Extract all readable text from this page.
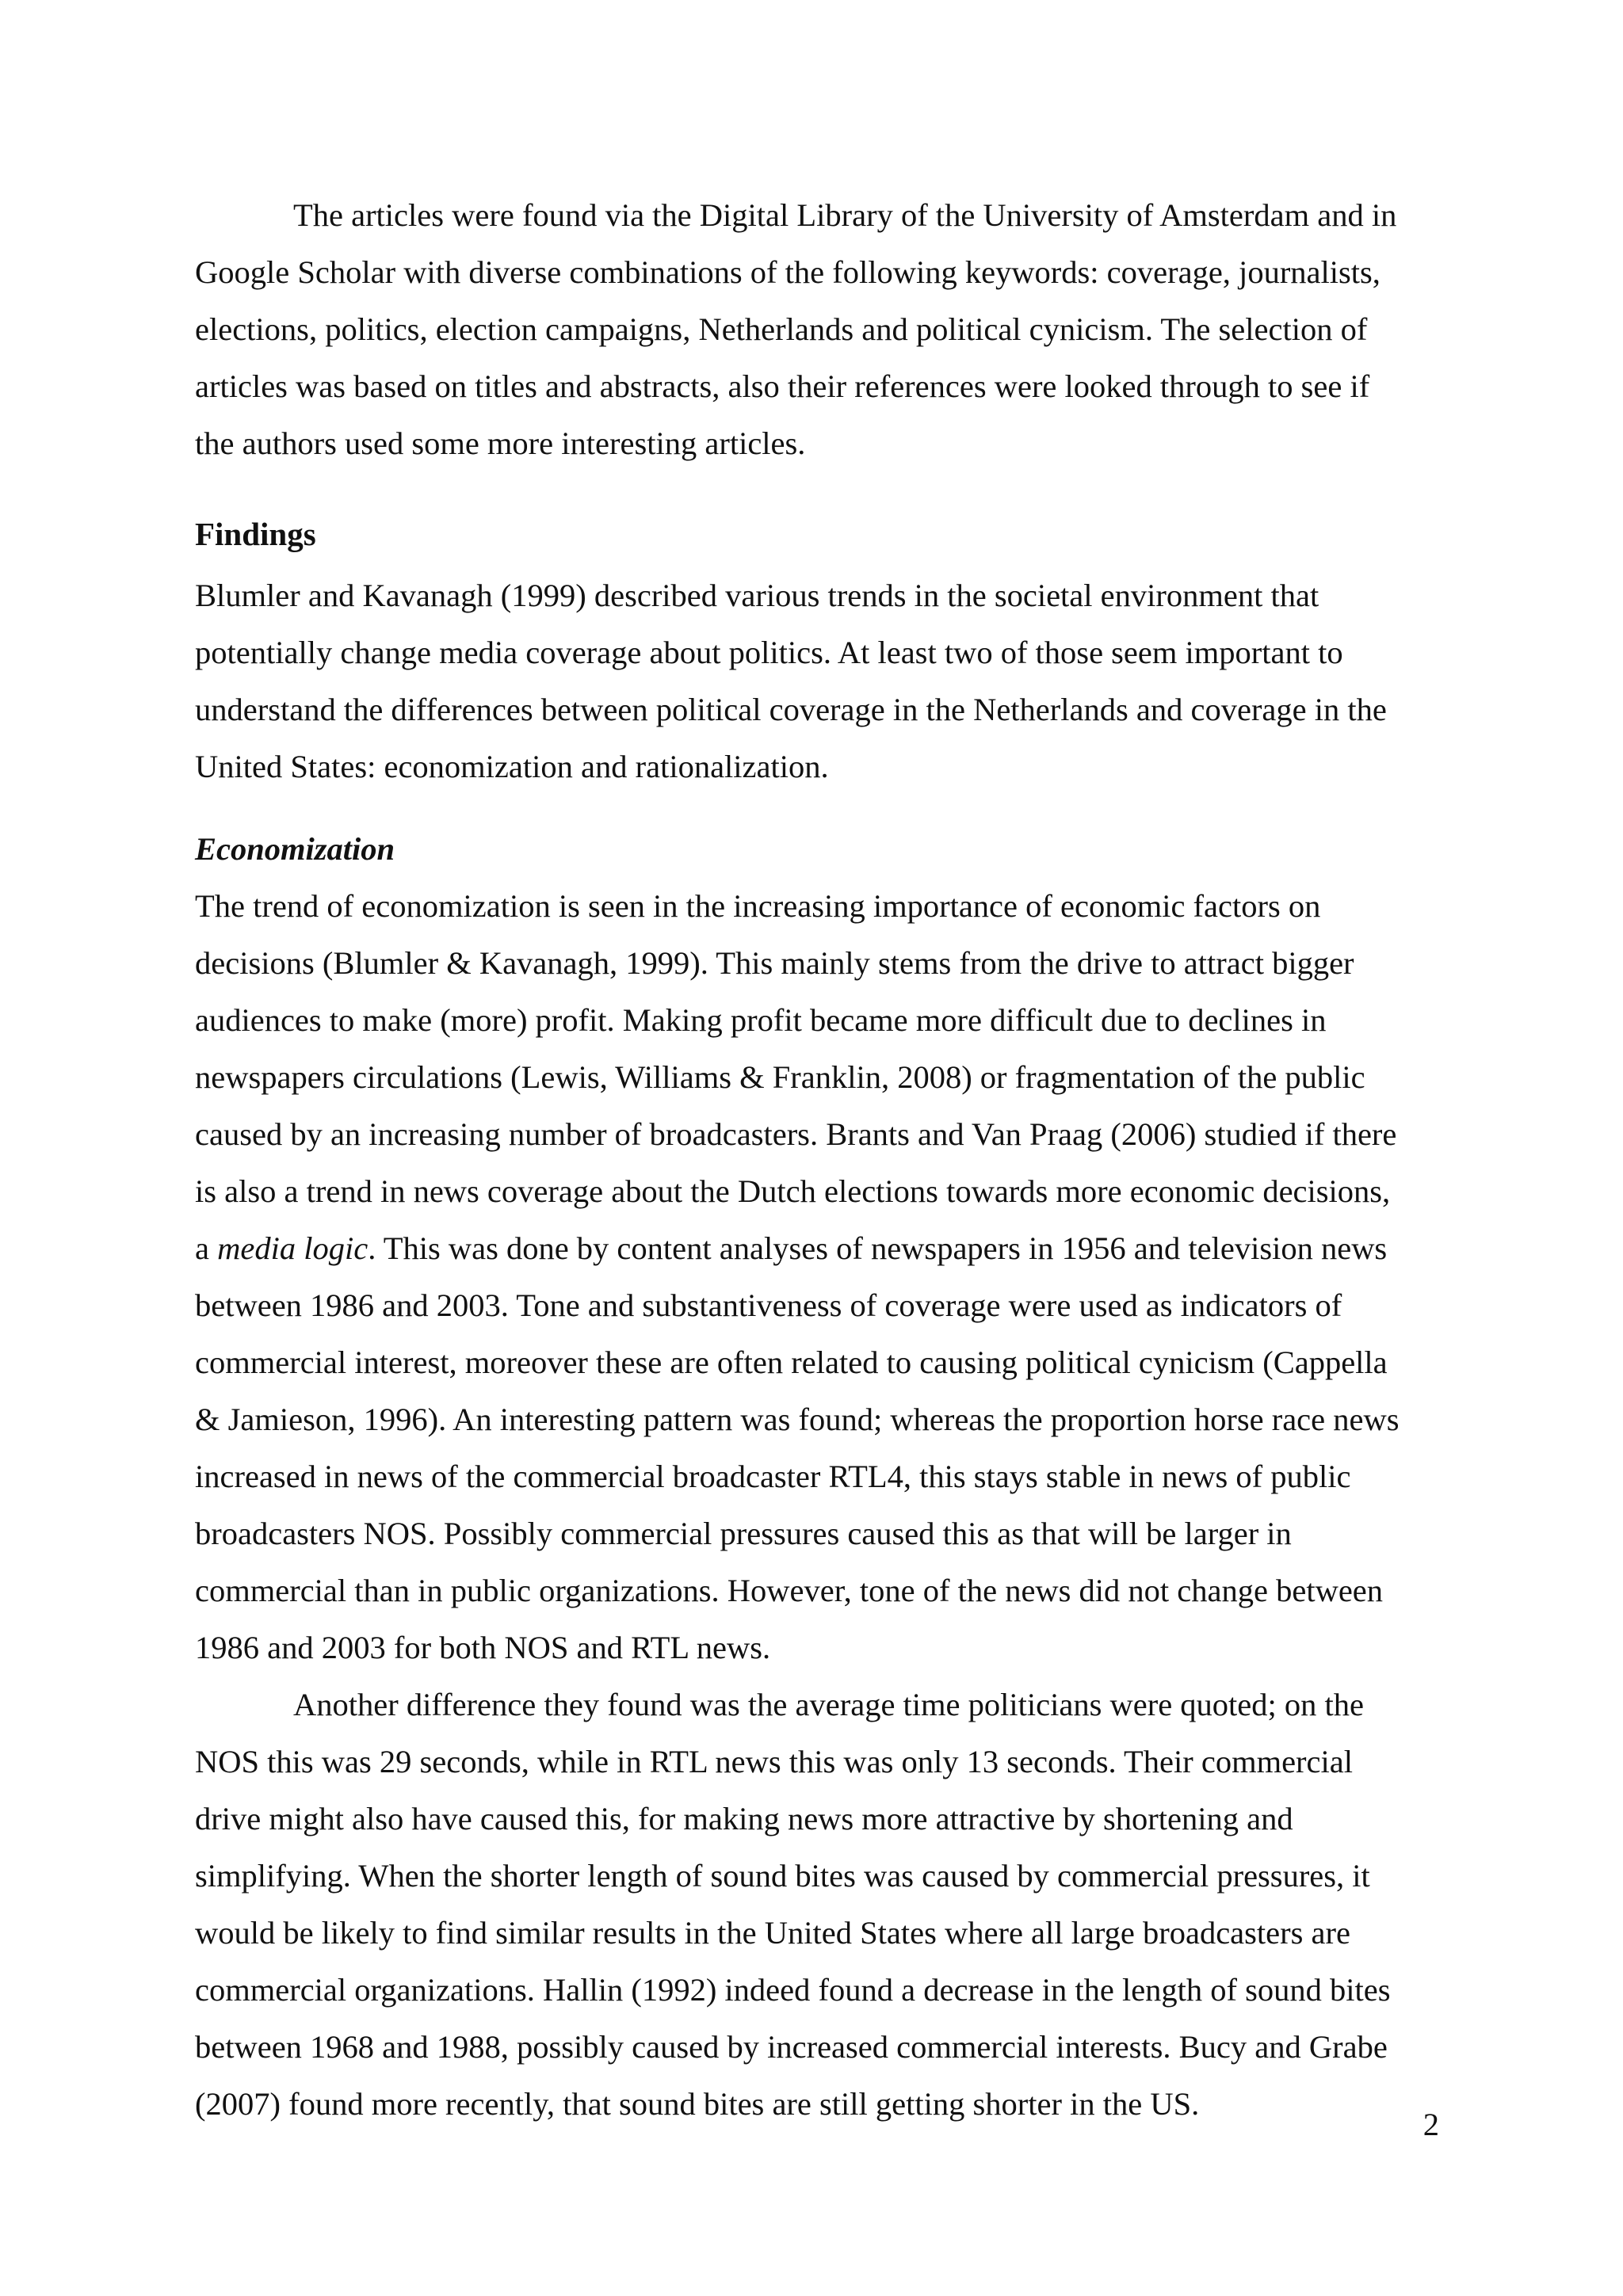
The articles were found via the Digital Library of the University of Amsterdam and in
Google Scholar with diverse combinations of the following keywords: coverage, journalists,
elections, politics, election campaigns, Netherlands and political cynicism. The selection of
articles was based on titles and abstracts, also their references were looked through to see if
the authors used some more interesting articles.
Findings
Blumler and Kavanagh (1999) described various trends in the societal environment that
potentially change media coverage about politics. At least two of those seem important to
understand the differences between political coverage in the Netherlands and coverage in the
United States: economization and rationalization.
Economization
The trend of economization is seen in the increasing importance of economic factors on
decisions (Blumler & Kavanagh, 1999). This mainly stems from the drive to attract bigger
audiences to make (more) profit. Making profit became more difficult due to declines in
newspapers circulations (Lewis, Williams & Franklin, 2008) or fragmentation of the public
caused by an increasing number of broadcasters. Brants and Van Praag (2006) studied if there
is also a trend in news coverage about the Dutch elections towards more economic decisions,
a media logic. This was done by content analyses of newspapers in 1956 and television news
between 1986 and 2003. Tone and substantiveness of coverage were used as indicators of
commercial interest, moreover these are often related to causing political cynicism (Cappella
& Jamieson, 1996). An interesting pattern was found; whereas the proportion horse race news
increased in news of the commercial broadcaster RTL4, this stays stable in news of public
broadcasters NOS. Possibly commercial pressures caused this as that will be larger in
commercial than in public organizations. However, tone of the news did not change between
1986 and 2003 for both NOS and RTL news.
Another difference they found was the average time politicians were quoted; on the
NOS this was 29 seconds, while in RTL news this was only 13 seconds. Their commercial
drive might also have caused this, for making news more attractive by shortening and
simplifying. When the shorter length of sound bites was caused by commercial pressures, it
would be likely to find similar results in the United States where all large broadcasters are
commercial organizations. Hallin (1992) indeed found a decrease in the length of sound bites
between 1968 and 1988, possibly caused by increased commercial interests. Bucy and Grabe
(2007) found more recently, that sound bites are still getting shorter in the US.
2
